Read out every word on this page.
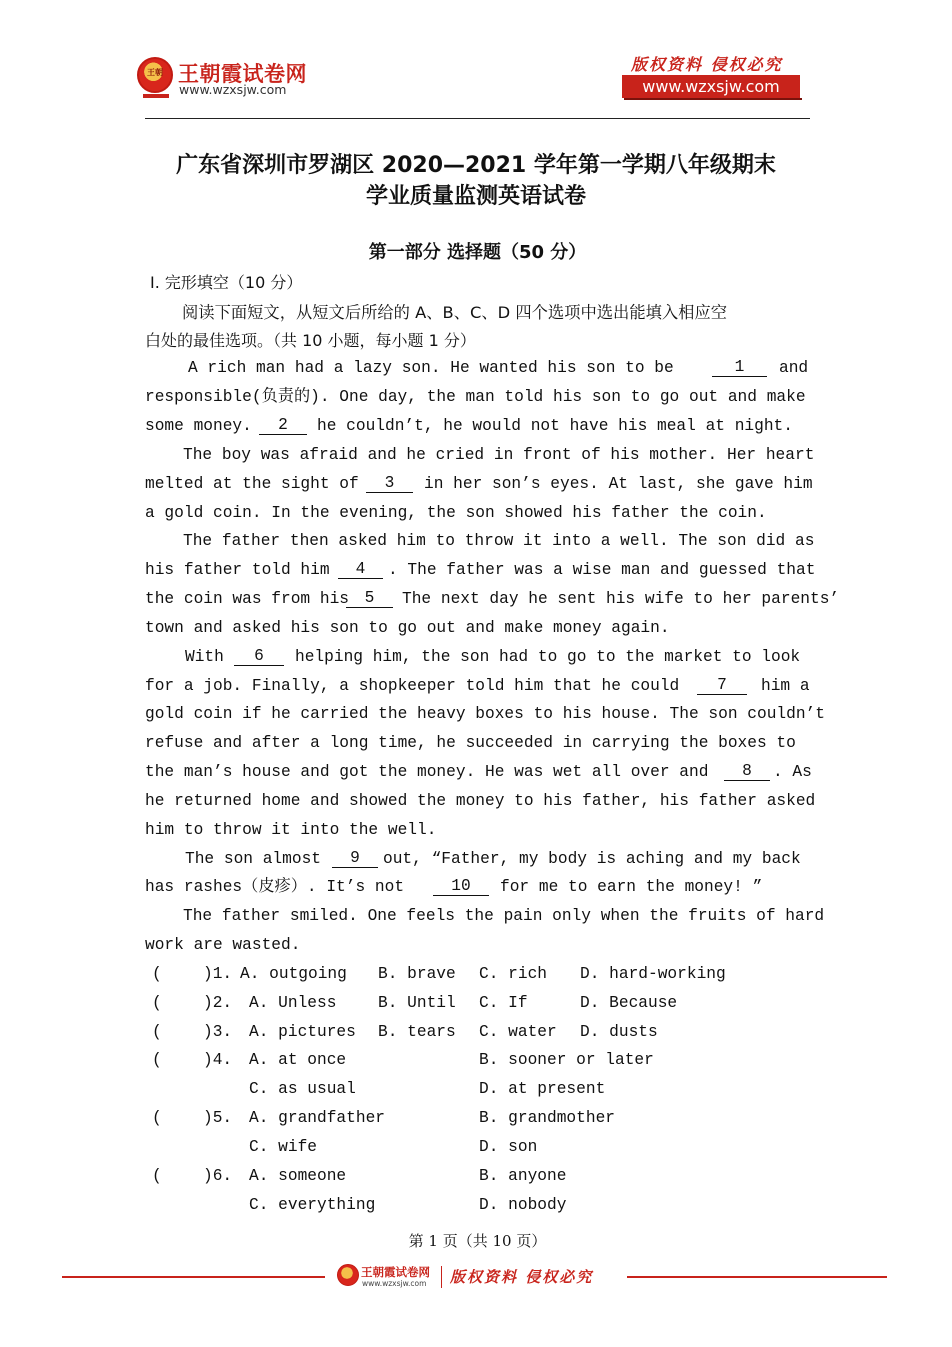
王朝 王朝霞试卷网
www.wzxsjw.com
版权资料 侵权必究
www.wzxsjw.com
广东省深圳市罗湖区 2020—2021 学年第一学期八年级期末
学业质量监测英语试卷
第一部分 选择题（50 分）
Ⅰ. 完形填空（10 分）
阅读下面短文，从短文后所给的 A、B、C、D 四个选项中选出能填入相应空
白处的最佳选项。（共 10 小题，每小题 1 分）
A rich man had a lazy son. He wanted his son to be	1	and
responsible(负责的). One day, the man told his son to go out and make
some money.	2	he couldn’t, he would not have his meal at night.
The boy was afraid and he cried in front of his mother. Her heart
melted at the sight of	3	in her son’s eyes. At last, she gave him
a gold coin. In the evening, the son showed his father the coin.
The father then asked him to throw it into a well. The son did as
his father told him	4	. The father was a wise man and guessed that
the coin was from his 5	The next day he sent his wife to her parents’
town and asked his son to go out and make money again.
With	6	helping him, the son had to go to the market to look
for a job. Finally, a shopkeeper told him that he could	7	him a
gold coin if he carried the heavy boxes to his house. The son couldn’t
refuse and after a long time, he succeeded in carrying the boxes to
the man’s house and got the money. He was wet all over and	8	. As
he returned home and showed the money to his father, his father asked
him to throw it into the well.
The son almost	9	out, “Father, my body is aching and my back
has rashes（皮疹）. It’s not	10	for me to earn the money! ”
The father smiled. One feels the pain only when the fruits of hard
work are wasted.
(	)1. A. outgoing B. brave C. rich D. hard-working
(	)2. A. Unless	B. Until C. If	D. Because
(	)3. A. pictures B. tears C. water D. dusts
(	)4. A. at once	B. sooner or later
C. as usual	D. at present
(	)5. A. grandfather	B. grandmother
C. wife	D. son
(	)6. A. someone	B. anyone
C. everything	D. nobody
第 1 页（共 10 页）
王朝霞试卷网
www.wzxsjw.com 版权资料 侵权必究
